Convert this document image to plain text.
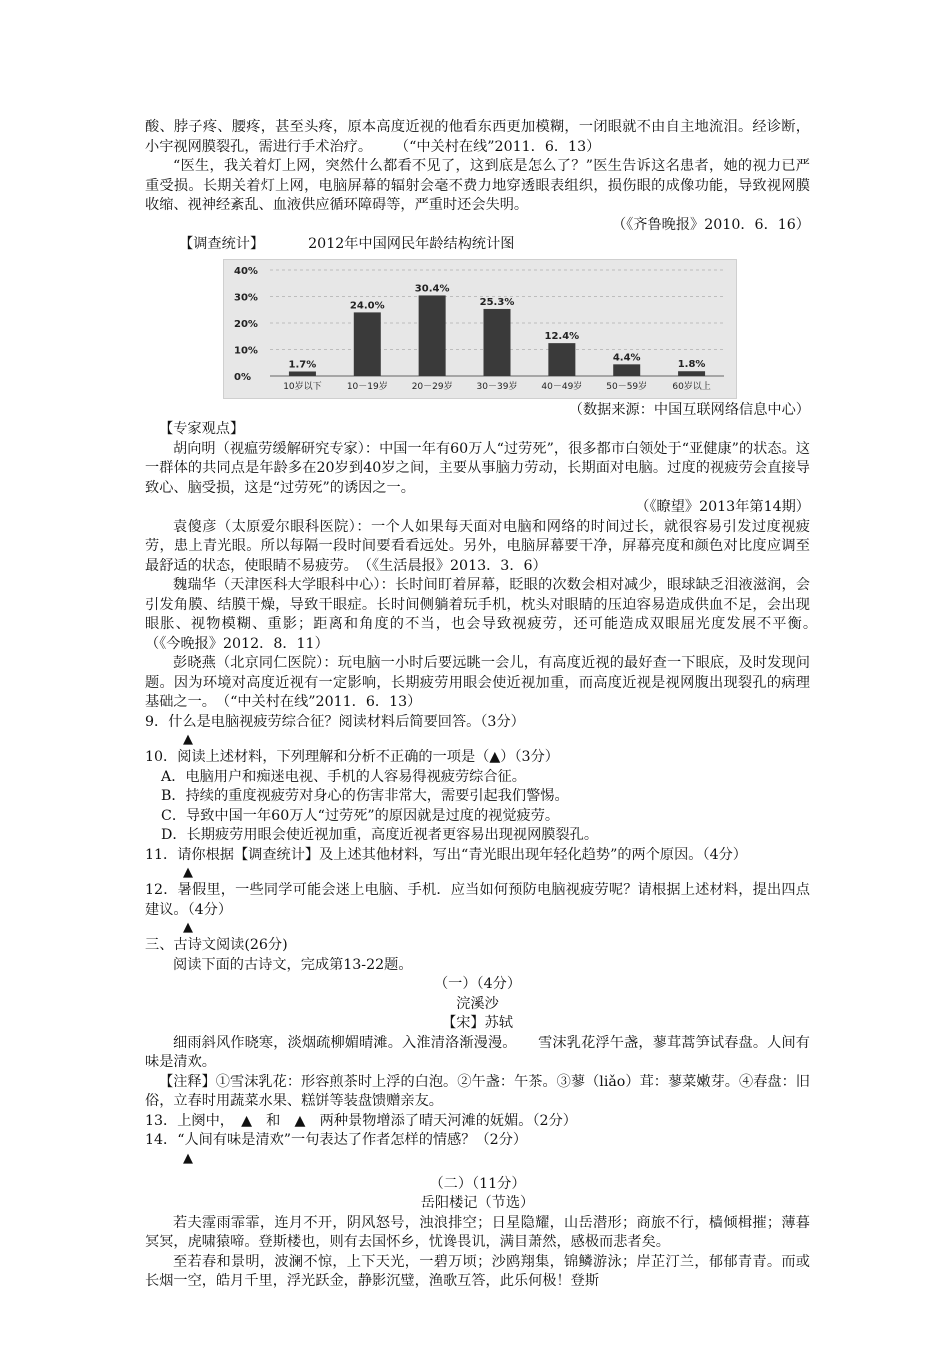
酸、脖子疼、腰疼，甚至头疼，原本高度近视的他看东西更加模糊，一闭眼就不由自主地流泪。经诊断，小宇视网膜裂孔，需进行手术治疗。 （“中关村在线”2011．6．13）

“医生，我关着灯上网，突然什么都看不见了，这到底是怎么了？”医生告诉这名患者，她的视力已严重受损。长期关着灯上网，电脑屏幕的辐射会毫不费力地穿透眼表组织，损伤眼的成像功能，导致视网膜收缩、视神经紊乱、血液供应循环障碍等，严重时还会失明。

（《齐鲁晚报》2010．6．16）

【调查统计】	2012年中国网民年龄结构统计图

0%
10%
20%
30%
40%
1.7%
10岁以下
24.0%
10－19岁
30.4%
20－29岁
25.3%
30－39岁
12.4%
40－49岁
4.4%
50－59岁
1.8%
60岁以上

（数据来源：中国互联网络信息中心）

【专家观点】

胡向明（视瘟劳缓解研究专家）：中国一年有60万人“过劳死”，很多都市白领处于“亚健康”的状态。这一群体的共同点是年龄多在20岁到40岁之间，主要从事脑力劳动，长期面对电脑。过度的视疲劳会直接导致心、脑受损，这是“过劳死”的诱因之一。

（《瞭望》2013年第14期）

袁傻彦（太原爱尔眼科医院）：一个人如果每天面对电脑和网络的时间过长，就很容易引发过度视疲劳，患上青光眼。所以每隔一段时间要看看远处。另外，电脑屏幕要干净，屏幕亮度和颜色对比度应调至最舒适的状态，使眼睛不易疲劳。　（《生活晨报》2013．3．6）

魏瑞华（天津医科大学眼科中心）：长时间盯着屏幕，眨眼的次数会相对减少，眼球缺乏泪液滋润，会引发角膜、结膜干燥，导致干眼症。长时间侧躺着玩手机，枕头对眼睛的压迫容易造成供血不足，会出现眼胀、视物模糊、重影；距离和角度的不当，也会导致视疲劳，还可能造成双眼屈光度发展不平衡。　　（《今晚报》2012．8．11）

彭晓燕（北京同仁医院）：玩电脑一小时后要远眺一会儿，有高度近视的最好查一下眼底，及时发现问题。因为环境对高度近视有一定影响，长期疲劳用眼会使近视加重，而高度近视是视网腹出现裂孔的病理基础之一。　（“中关村在线”2011．6．13）

9．什么是电脑视疲劳综合征？阅读材料后简要回答。（3分）

▲

10．阅读上述材料，下列理解和分析不正确的一项是（▲）（3分）

A．电脑用户和痴迷电视、手机的人容易得视疲劳综合征。

B．持续的重度视疲劳对身心的伤害非常大，需要引起我们警惕。

C．导致中国一年60万人“过劳死”的原因就是过度的视觉疲劳。

D．长期疲劳用眼会使近视加重，高度近视者更容易出现视网膜裂孔。

11．请你根据【调查统计】及上述其他材料，写出“青光眼出现年轻化趋势”的两个原因。（4分）

▲

12．暑假里，一些同学可能会迷上电脑、手机．应当如何预防电脑视疲劳呢？请根据上述材料，提出四点建议。（4分）

▲

三、古诗文阅读(26分)

阅读下面的古诗文，完成第13-22题。

（一）（4分）

浣溪沙

【宋】苏轼

细雨斜风作晓寒，淡烟疏柳媚晴滩。入淮清洛渐漫漫。　　雪沫乳花浮午盏，蓼茸蒿笋试春盘。人间有味是清欢。

【注释】①雪沫乳花：形容煎茶时上浮的白泡。②午盏：午茶。③蓼（liǎo）茸：蓼菜嫩芽。④春盘：旧俗，立春时用蔬菜水果、糕饼等装盘馈赠亲友。

13．上阕中，　▲　和　▲　两种景物增添了晴天河滩的妩媚。（2分）

14．“人间有味是清欢”一句表达了作者怎样的情感？（2分）

▲

（二）（11分）

岳阳楼记（节选）

若夫霪雨霏霏，连月不开，阴风怒号，浊浪排空；日星隐耀，山岳潜形；商旅不行，樯倾楫摧；薄暮冥冥，虎啸猿啼。登斯楼也，则有去国怀乡，忧谗畏讥，满目萧然，感极而悲者矣。

至若春和景明，波澜不惊，上下天光，一碧万顷；沙鸥翔集，锦鳞游泳；岸芷汀兰，郁郁青青。而或长烟一空，皓月千里，浮光跃金，静影沉璧，渔歌互答，此乐何极！登斯
